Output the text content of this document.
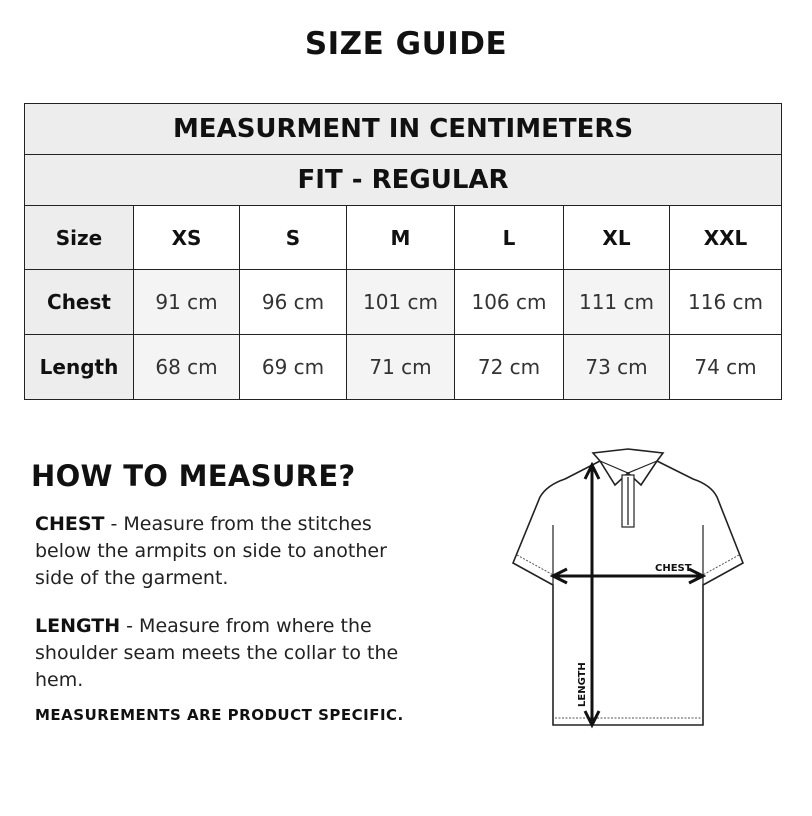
SIZE GUIDE
MEASURMENT IN CENTIMETERS						
FIT - REGULAR						
Size	XS	S	M	L	XL	XXL
Chest	91 cm	96 cm	101 cm	106 cm	111 cm	116 cm
Length	68 cm	69 cm	71 cm	72 cm	73 cm	74 cm
HOW TO MEASURE?
CHEST - Measure from the stitches below the armpits on side to another side of the garment.
LENGTH - Measure from where the shoulder seam meets the collar to the hem.
MEASUREMENTS ARE PRODUCT SPECIFIC.
CHEST
LENGTH
